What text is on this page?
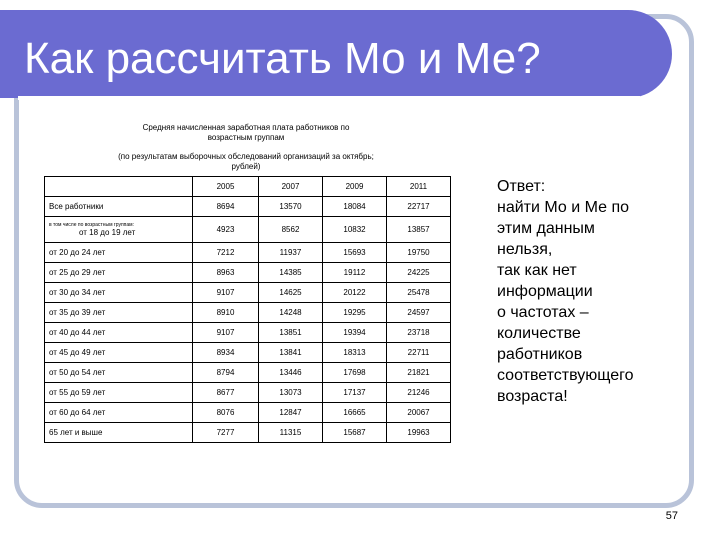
Как рассчитать Мо и Ме?
Средняя начисленная заработная плата работников по
возрастным группам
(по результатам выборочных обследований организаций за октябрь;
рублей)
	2005	2007	2009	2011
Все работники	8694	13570	18084	22717

в том числе по возрастным группам:
от 18 до 19 лет	4923	8562	10832	13857
от 20 до 24 лет	7212	11937	15693	19750
от 25 до 29 лет	8963	14385	19112	24225
от 30 до 34 лет	9107	14625	20122	25478
от 35 до 39 лет	8910	14248	19295	24597
от 40 до 44 лет	9107	13851	19394	23718
от 45 до 49 лет	8934	13841	18313	22711
от 50 до 54 лет	8794	13446	17698	21821
от 55 до 59 лет	8677	13073	17137	21246
от 60 до 64 лет	8076	12847	16665	20067
65 лет и выше	7277	11315	15687	19963
Ответ:
найти Мо и Ме по
этим данным
нельзя,
так как нет
информации
о частотах –
количестве
работников
соответствующего
возраста!
57
